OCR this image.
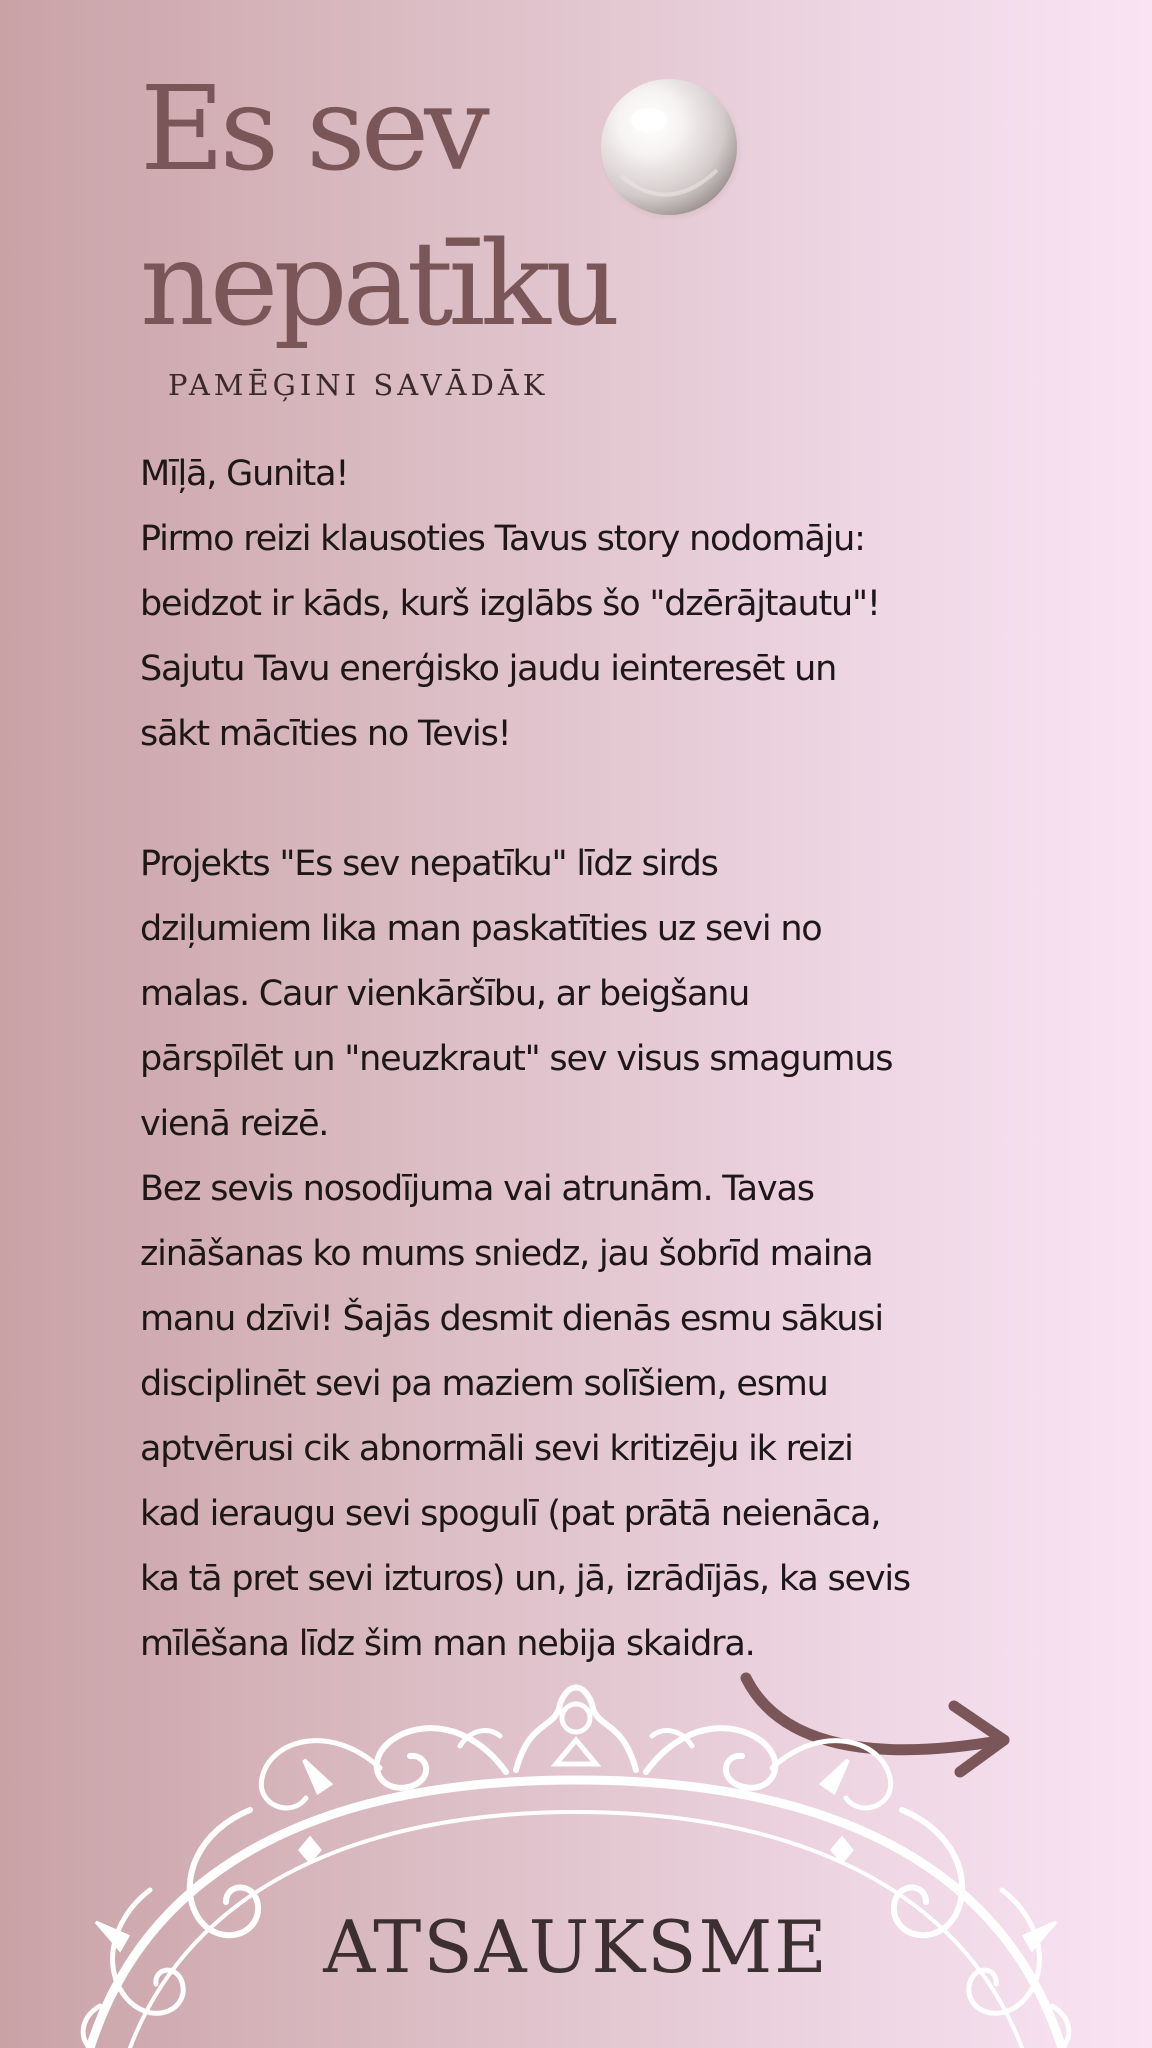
Es sev
nepatīku
PAMĒĢINI SAVĀDĀK
Mīļā, Gunita!
Pirmo reizi klausoties Tavus story nodomāju:
beidzot ir kāds, kurš izglābs šo "dzērājtautu"!
Sajutu Tavu enerģisko jaudu ieinteresēt un
sākt mācīties no Tevis!
Projekts "Es sev nepatīku" līdz sirds
dziļumiem lika man paskatīties uz sevi no
malas. Caur vienkāršību, ar beigšanu
pārspīlēt un "neuzkraut" sev visus smagumus
vienā reizē.
Bez sevis nosodījuma vai atrunām. Tavas
zināšanas ko mums sniedz, jau šobrīd maina
manu dzīvi! Šajās desmit dienās esmu sākusi
disciplinēt sevi pa maziem solīšiem, esmu
aptvērusi cik abnormāli sevi kritizēju ik reizi
kad ieraugu sevi spogulī (pat prātā neienāca,
ka tā pret sevi izturos) un, jā, izrādījās, ka sevis
mīlēšana līdz šim man nebija skaidra.
ATSAUKSME
